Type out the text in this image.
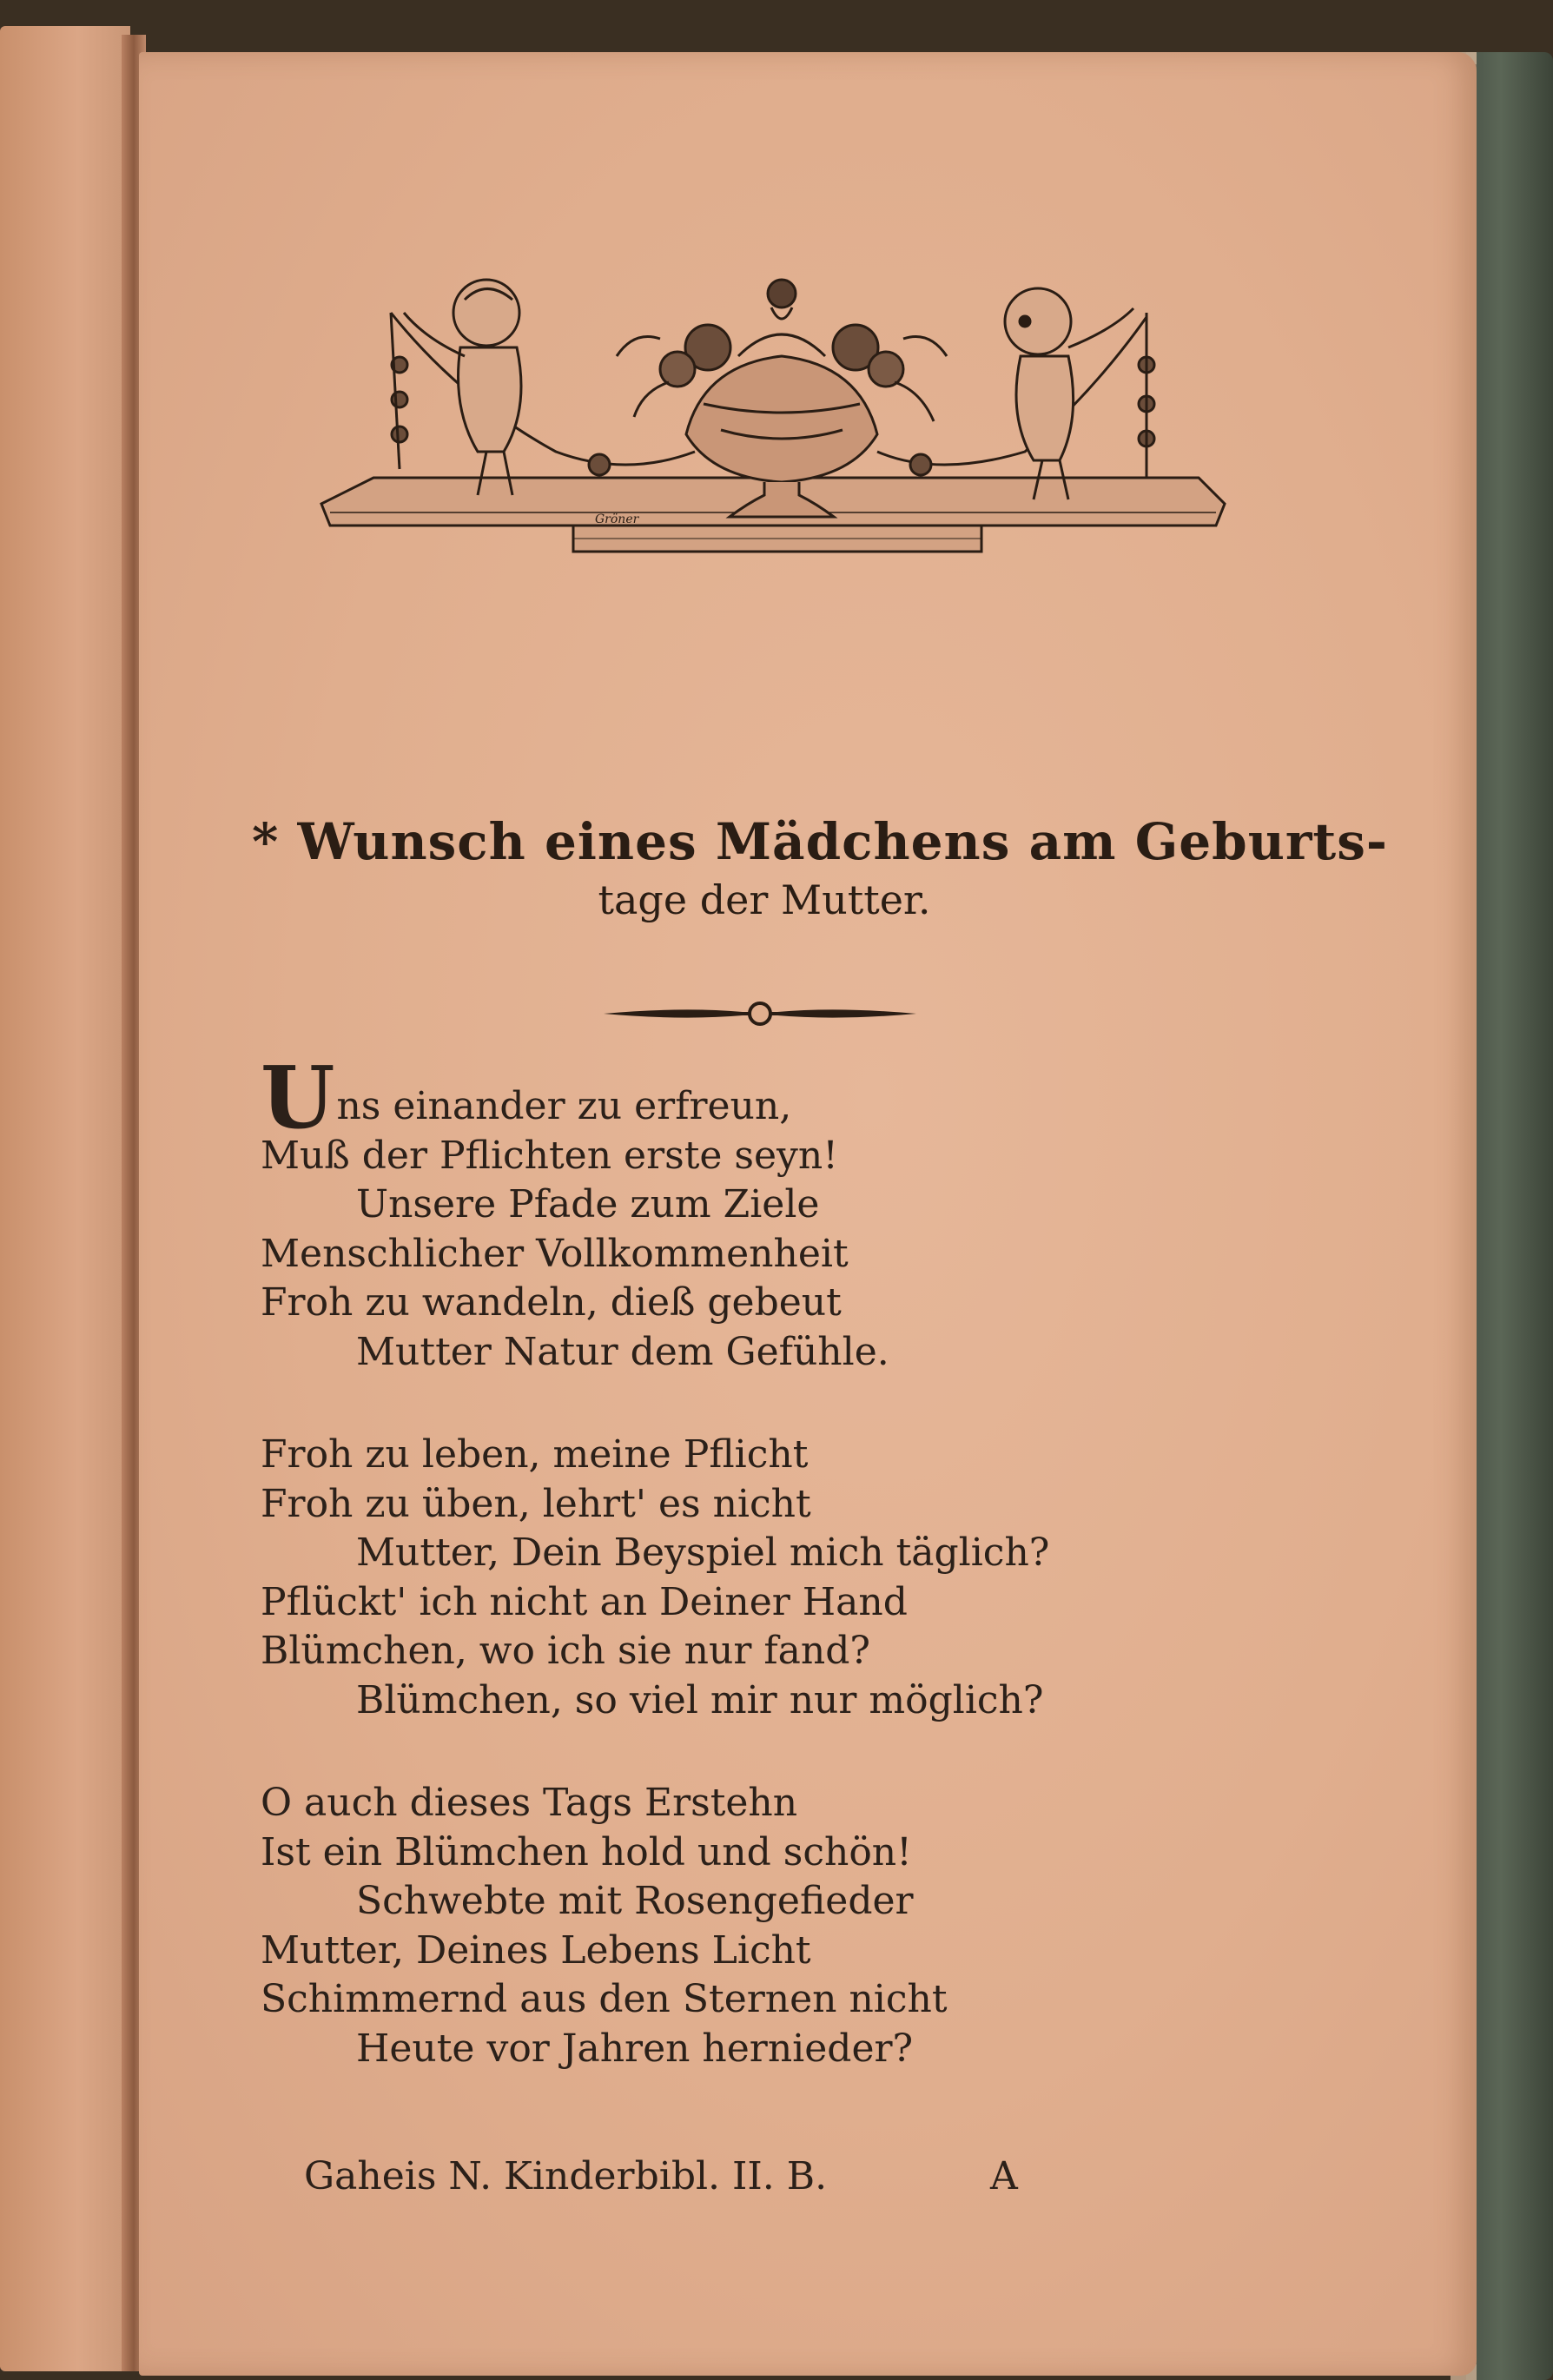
Gröner
* Wunsch eines Mädchens am Geburts-
tage der Mutter.
Uns einander zu erfreun,
Muß der Pflichten erste seyn!
Unsere Pfade zum Ziele
Menschlicher Vollkommenheit
Froh zu wandeln, dieß gebeut
Mutter Natur dem Gefühle.
Froh zu leben, meine Pflicht
Froh zu üben, lehrt' es nicht
Mutter, Dein Beyspiel mich täglich?
Pflückt' ich nicht an Deiner Hand
Blümchen, wo ich sie nur fand?
Blümchen, so viel mir nur möglich?
O auch dieses Tags Erstehn
Ist ein Blümchen hold und schön!
Schwebte mit Rosengefieder
Mutter, Deines Lebens Licht
Schimmernd aus den Sternen nicht
Heute vor Jahren hernieder?
Gaheis N. Kinderbibl. II. B.	A
